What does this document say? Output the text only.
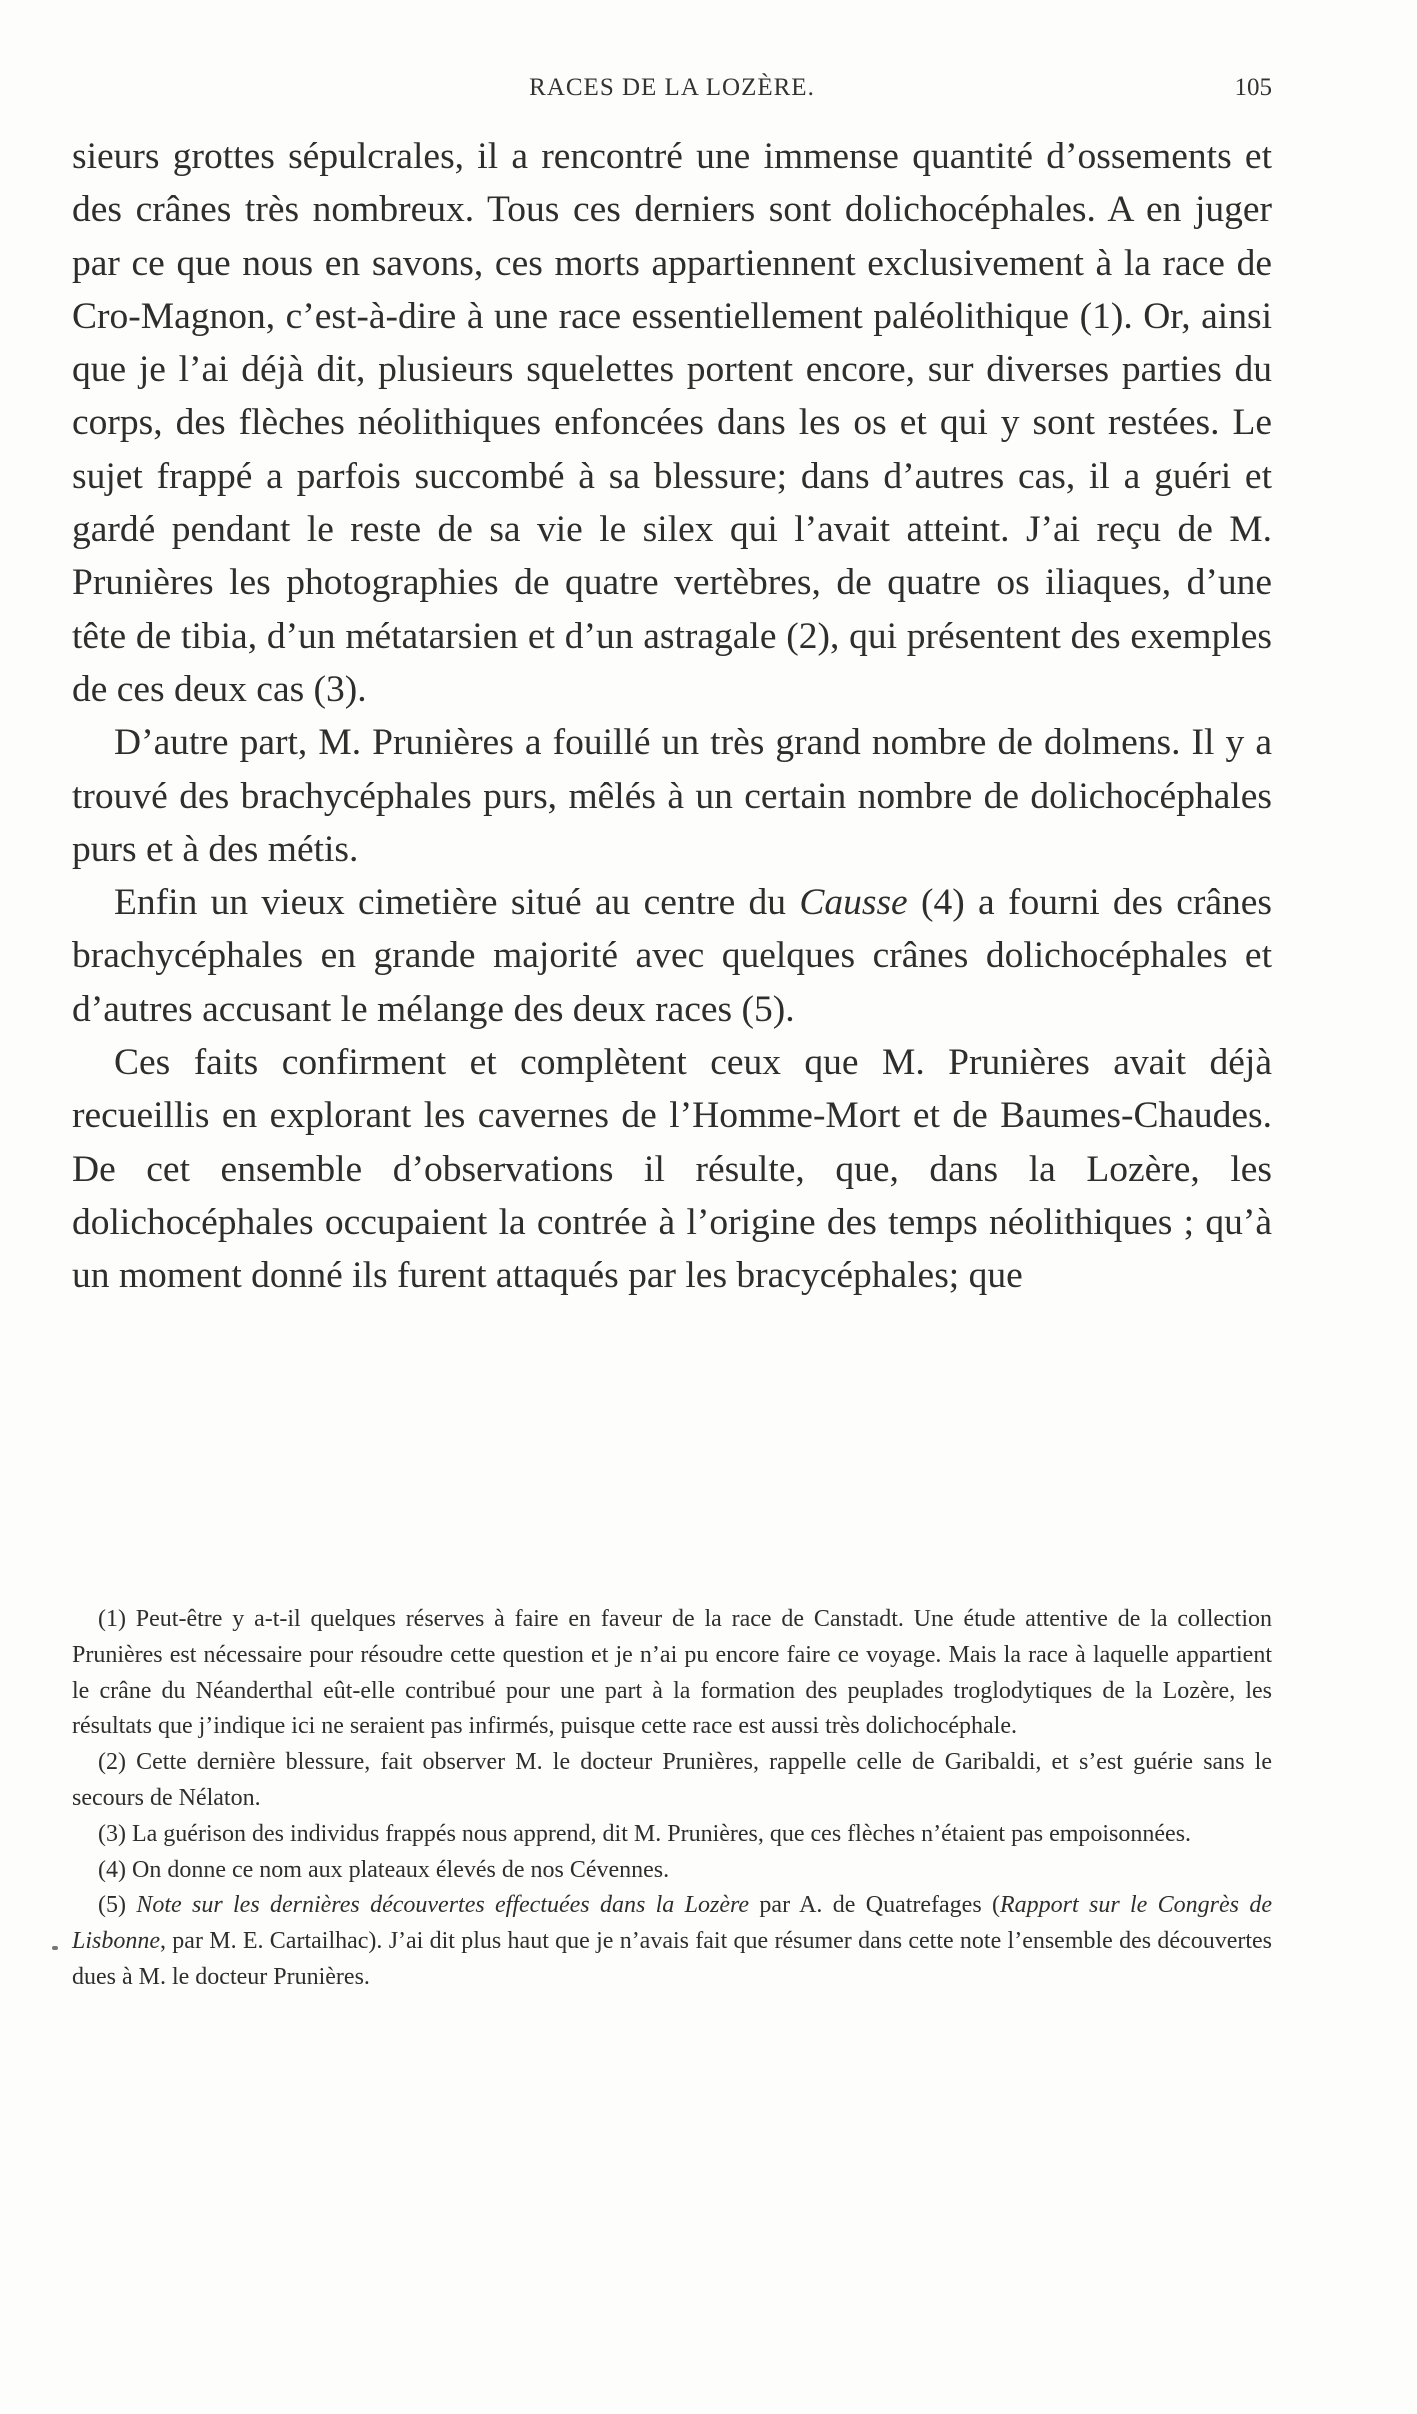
RACES DE LA LOZÈRE.	105

sieurs grottes sépulcrales, il a rencontré une immense quantité d’ossements et des crânes très nombreux. Tous ces derniers sont dolichocéphales. A en juger par ce que nous en savons, ces morts appartiennent exclusivement à la race de Cro-Magnon, c’est-à-dire à une race essentiellement paléolithique (1). Or, ainsi que je l’ai déjà dit, plusieurs squelettes portent encore, sur diverses parties du corps, des flèches néolithiques enfoncées dans les os et qui y sont restées. Le sujet frappé a parfois succombé à sa blessure; dans d’autres cas, il a guéri et gardé pendant le reste de sa vie le silex qui l’avait atteint. J’ai reçu de M. Prunières les photographies de quatre vertèbres, de quatre os iliaques, d’une tête de tibia, d’un métatarsien et d’un astragale (2), qui présentent des exemples de ces deux cas (3).

D’autre part, M. Prunières a fouillé un très grand nombre de dolmens. Il y a trouvé des brachycéphales purs, mêlés à un certain nombre de dolichocéphales purs et à des métis.

Enfin un vieux cimetière situé au centre du Causse (4) a fourni des crânes brachycéphales en grande majorité avec quelques crânes dolichocéphales et d’autres accusant le mélange des deux races (5).

Ces faits confirment et complètent ceux que M. Prunières avait déjà recueillis en explorant les cavernes de l’Homme-Mort et de Baumes-Chaudes. De cet ensemble d’observations il résulte, que, dans la Lozère, les dolichocéphales occupaient la contrée à l’origine des temps néolithiques ; qu’à un moment donné ils furent attaqués par les bracycéphales; que

(1) Peut-être y a-t-il quelques réserves à faire en faveur de la race de Canstadt. Une étude attentive de la collection Prunières est nécessaire pour résoudre cette question et je n’ai pu encore faire ce voyage. Mais la race à laquelle appartient le crâne du Néanderthal eût-elle contribué pour une part à la formation des peuplades troglodytiques de la Lozère, les résultats que j’indique ici ne seraient pas infirmés, puisque cette race est aussi très dolichocéphale.

(2) Cette dernière blessure, fait observer M. le docteur Prunières, rappelle celle de Garibaldi, et s’est guérie sans le secours de Nélaton.

(3) La guérison des individus frappés nous apprend, dit M. Prunières, que ces flèches n’étaient pas empoisonnées.

(4) On donne ce nom aux plateaux élevés de nos Cévennes.

(5) Note sur les dernières découvertes effectuées dans la Lozère par A. de Quatrefages (Rapport sur le Congrès de Lisbonne, par M. E. Cartailhac). J’ai dit plus haut que je n’avais fait que résumer dans cette note l’ensemble des découvertes dues à M. le docteur Prunières.
